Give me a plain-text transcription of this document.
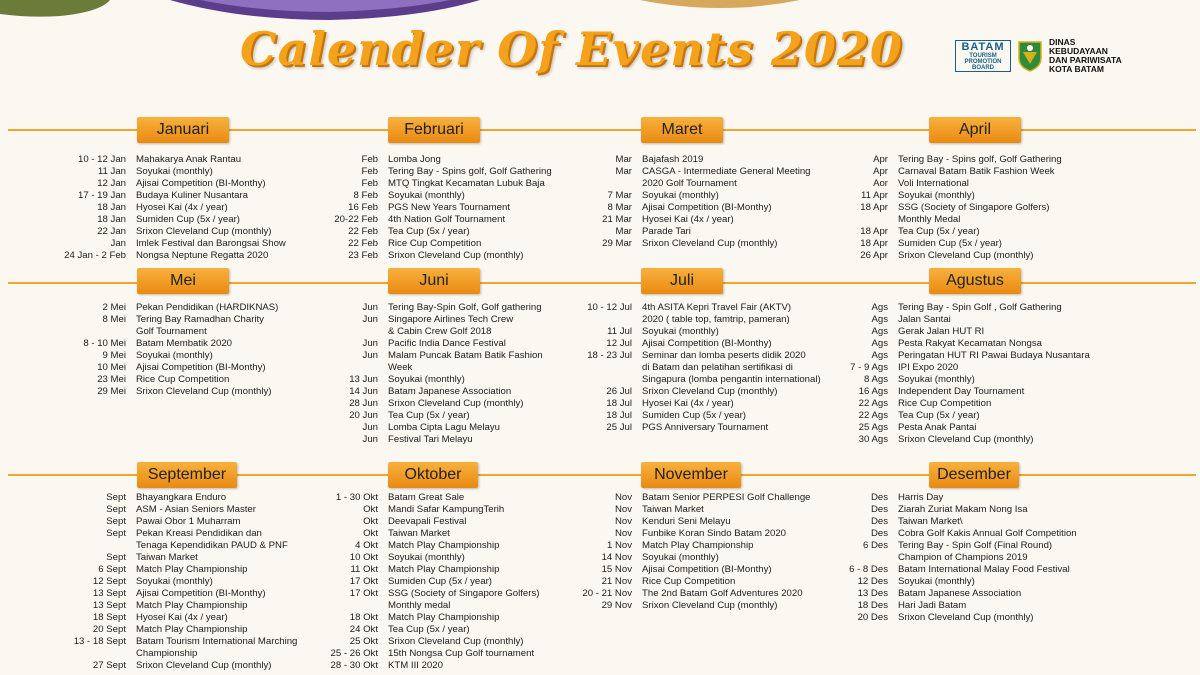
Calender Of Events 2020	BATAM
TOURISM
PROMOTION
BOARD
DINAS
KEBUDAYAAN
DAN PARIWISATA
KOTA BATAM
Januari
10 - 12 Jan	Mahakarya Anak Rantau
11 Jan	Soyukai (monthly)
12 Jan	Ajisai Competition (BI-Monthy)
17 - 19 Jan	Budaya Kuliner Nusantara
18 Jan	Hyosei Kai (4x / year)
18 Jan	Sumiden Cup (5x / year)
22 Jan	Srixon Cleveland Cup (monthly)
Jan	Imlek Festival dan Barongsai Show
24 Jan - 2 Feb	Nongsa Neptune Regatta 2020
Februari
Feb	Lomba Jong
Feb	Tering Bay - Spins golf, Golf Gathering
Feb	MTQ Tingkat Kecamatan Lubuk Baja
8 Feb	Soyukai (monthly)
16 Feb	PGS New Years Tournament
20-22 Feb	4th Nation Golf Tournament
22 Feb	Tea Cup (5x / year)
22 Feb	Rice Cup Competition
23 Feb	Srixon Cleveland Cup (monthly)
Maret
Mar	Bajafash 2019
Mar	CASGA - Intermediate General Meeting
2020 Golf Tournament
7 Mar	Soyukai (monthly)
8 Mar	Ajisai Competition (BI-Monthy)
21 Mar	Hyosei Kai (4x / year)
Mar	Parade Tari
29 Mar	Srixon Cleveland Cup (monthly)
April
Apr	Tering Bay - Spins golf, Golf Gathering
Apr	Carnaval Batam Batik Fashion Week
Aor	Voli International
11 Apr	Soyukai (monthly)
18 Apr	SSG (Society of Singapore Golfers)
Monthly Medal
18 Apr	Tea Cup (5x / year)
18 Apr	Sumiden Cup (5x / year)
26 Apr	Srixon Cleveland Cup (monthly)
Mei
2 Mei	Pekan Pendidikan (HARDIKNAS)
8 Mei	Tering Bay Ramadhan Charity
Golf Tournament
8 - 10 Mei	Batam Membatik 2020
9 Mei	Soyukai (monthly)
10 Mei	Ajisai Competition (BI-Monthy)
23 Mei	Rice Cup Competition
29 Mei	Srixon Cleveland Cup (monthly)
Juni
Jun	Tering Bay-Spin Golf, Golf gathering
Jun	Singapore Airlines Tech Crew
& Cabin Crew Golf 2018
Jun	Pacific India Dance Festival
Jun	Malam Puncak Batam Batik Fashion
Week
13 Jun	Soyukai (monthly)
14 Jun	Batam Japanese Association
28 Jun	Srixon Cleveland Cup (monthly)
20 Jun	Tea Cup (5x / year)
Jun	Lomba Cipta Lagu Melayu
Jun	Festival Tari Melayu
Juli
10 - 12 Jul	4th ASITA Kepri Travel Fair (AKTV)
2020 ( table top, famtrip, pameran)
11 Jul	Soyukai (monthly)
12 Jul	Ajisai Competition (BI-Monthy)
18 - 23 Jul	Seminar dan lomba peserts didik 2020
di Batam dan pelatihan sertifikasi di
Singapura (lomba pengantin international)
26 Jul	Srixon Cleveland Cup (monthly)
18 Jul	Hyosei Kai (4x / year)
18 Jul	Sumiden Cup (5x / year)
25 Jul	PGS Anniversary Tournament
Agustus
Ags	Tering Bay - Spin Golf , Golf Gathering
Ags	Jalan Santai
Ags	Gerak Jalan HUT RI
Ags	Pesta Rakyat Kecamatan Nongsa
Ags	Peringatan HUT RI Pawai Budaya Nusantara
7 - 9 Ags	IPI Expo 2020
8 Ags	Soyukai (monthly)
16 Ags	Independent Day Tournament
22 Ags	Rice Cup Competition
22 Ags	Tea Cup (5x / year)
25 Ags	Pesta Anak Pantai
30 Ags	Srixon Cleveland Cup (monthly)
September
Sept	Bhayangkara Enduro
Sept	ASM - Asian Seniors Master
Sept	Pawai Obor 1 Muharram
Sept	Pekan Kreasi Pendidikan dan
Tenaga Kependidikan PAUD & PNF
Sept	Taiwan Market
6 Sept	Match Play Championship
12 Sept	Soyukai (monthly)
13 Sept	Ajisai Competition (BI-Monthy)
13 Sept	Match Play Championship
18 Sept	Hyosei Kai (4x / year)
20 Sept	Match Play Championship
13 - 18 Sept	Batam Tourism International Marching
Championship
27 Sept	Srixon Cleveland Cup (monthly)
Oktober
1 - 30 Okt	Batam Great Sale
Okt	Mandi Safar KampungTerih
Okt	Deevapali Festival
Okt	Taiwan Market
4 Okt	Match Play Championship
10 Okt	Soyukai (monthly)
11 Okt	Match Play Championship
17 Okt	Sumiden Cup (5x / year)
17 Okt	SSG (Society of Singapore Golfers)
Monthly medal
18 Okt	Match Play Championship
24 Okt	Tea Cup (5x / year)
25 Okt	Srixon Cleveland Cup (monthly)
25 - 26 Okt	15th Nongsa Cup Golf tournament
28 - 30 Okt	KTM III 2020
November
Nov	Batam Senior PERPESI Golf Challenge
Nov	Taiwan Market
Nov	Kenduri Seni Melayu
Nov	Funbike Koran Sindo Batam 2020
1 Nov	Match Play Championship
14 Nov	Soyukai (monthly)
15 Nov	Ajisai Competition (BI-Monthy)
21 Nov	Rice Cup Competition
20 - 21 Nov	The 2nd Batam Golf Adventures 2020
29 Nov	Srixon Cleveland Cup (monthly)
Desember
Des	Harris Day
Des	Ziarah Zuriat Makam Nong Isa
Des	Taiwan Market\
Des	Cobra Golf Kakis Annual Golf Competition
6 Des	Tering Bay - Spin Golf (Final Round)
Champion of Champions 2019
6 - 8 Des	Batam International Malay Food Festival
12 Des	Soyukai (monthly)
13 Des	Batam Japanese Association
18 Des	Hari Jadi Batam
20 Des	Srixon Cleveland Cup (monthly)
